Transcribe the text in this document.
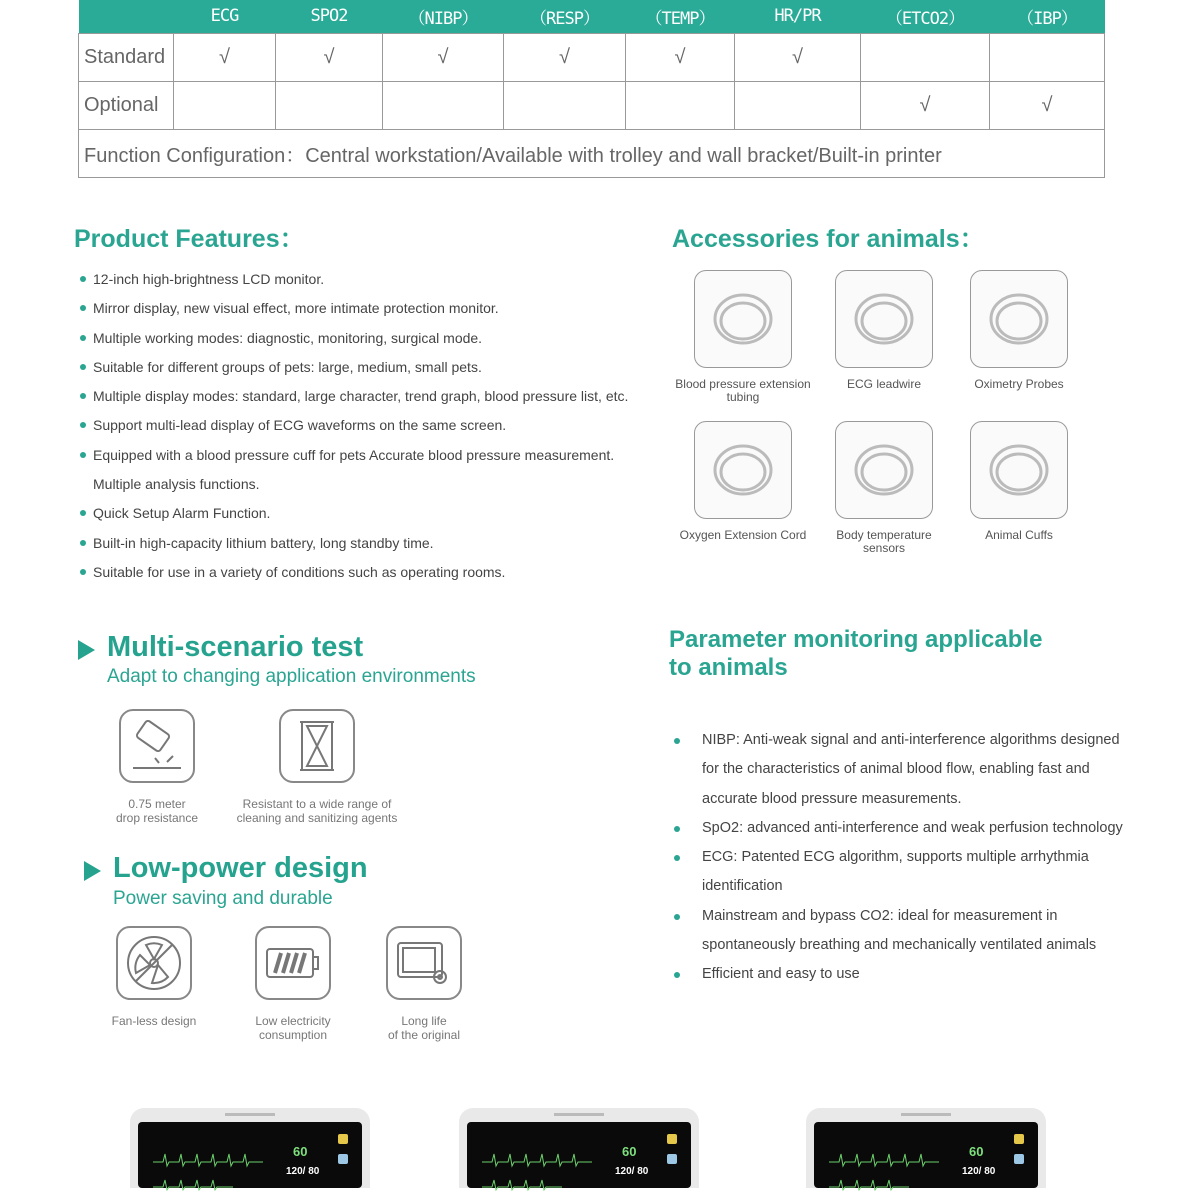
	ECG	SPO2	（NIBP）	（RESP）	（TEMP）	HR/PR	（ETCO2）	（IBP）
Standard	√	√	√	√	√	√		
Optional							√	√
Function Configuration：Central workstation/Available with trolley and wall bracket/Built-in printer								
Product Features：
12-inch high-brightness LCD monitor.
Mirror display, new visual effect, more intimate protection monitor.
Multiple working modes: diagnostic, monitoring, surgical mode.
Suitable for different groups of pets: large, medium, small pets.
Multiple display modes: standard, large character, trend graph, blood pressure list, etc.
Support multi-lead display of ECG waveforms on the same screen.
Equipped with a blood pressure cuff for pets Accurate blood pressure measurement.
Multiple analysis functions.
Quick Setup Alarm Function.
Built-in high-capacity lithium battery, long standby time.
Suitable for use in a variety of conditions such as operating rooms.
Accessories for animals：
Blood pressure extension tubing
ECG leadwire	Oximetry Probes
Oxygen Extension Cord	Body temperature sensors
Animal Cuffs
Multi-scenario test
Adapt to changing application environments
0.75 meter
drop resistance
Resistant to a wide range of
cleaning and sanitizing agents
Low-power design
Power saving and durable
Fan-less design	Low electricity
consumption
Long life
of the original
Parameter monitoring applicable
to animals
NIBP: Anti-weak signal and anti-interference algorithms designed
for the characteristics of animal blood flow, enabling fast and
accurate blood pressure measurements.
SpO2: advanced anti-interference and weak perfusion technology
ECG: Patented ECG algorithm, supports multiple arrhythmia
identification
Mainstream and bypass CO2: ideal for measurement in
spontaneously breathing and mechanically ventilated animals
Efficient and easy to use
60
120/ 80
60
120/ 80
60
120/ 80
